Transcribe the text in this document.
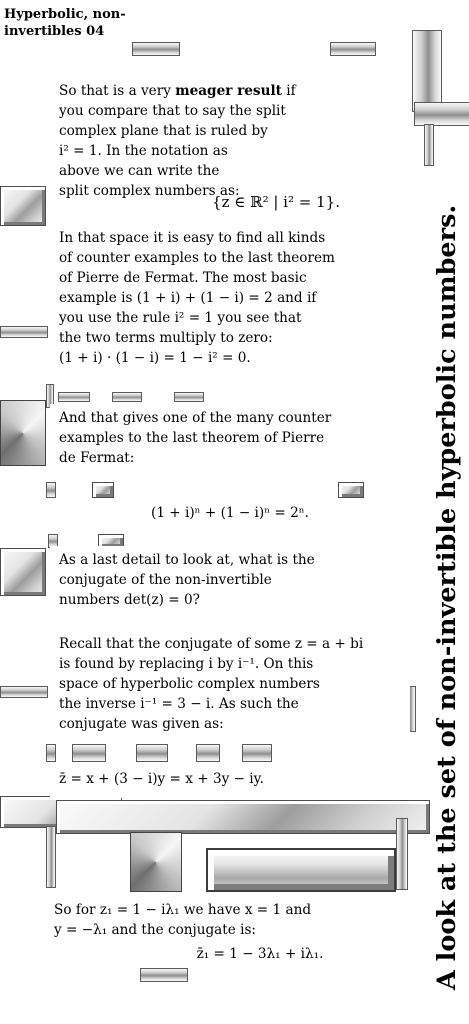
Hyperbolic, non-
invertibles 04

So that is a very meager result if
you compare that to say the split
complex plane that is ruled by
i² = 1. In the notation as
above we can write the
split complex numbers as:

{z ∈ ℝ² | i² = 1}.
In that space it is easy to find all kinds
of counter examples to the last theorem
of Pierre de Fermat. The most basic
example is (1 + i) + (1 − i) = 2 and if
you use the rule i² = 1 you see that
the two terms multiply to zero:
(1 + i) · (1 − i) = 1 − i² = 0.
And that gives one of the many counter
examples to the last theorem of Pierre
de Fermat:
(1 + i)ⁿ + (1 − i)ⁿ = 2ⁿ.
As a last detail to look at, what is the
conjugate of the non-invertible
numbers det(z) = 0?
Recall that the conjugate of some z = a + bi
is found by replacing i by i⁻¹. On this
space of hyperbolic complex numbers
the inverse i⁻¹ = 3 − i. As such the
conjugate was given as:
z̄ = x + (3 − i)y = x + 3y − iy.
So for z₁ = 1 − iλ₁ we have x = 1 and
y = −λ₁ and the conjugate is:
z̄₁ = 1 − 3λ₁ + iλ₁.	A look at the set of non-invertible hyperbolic numbers.
